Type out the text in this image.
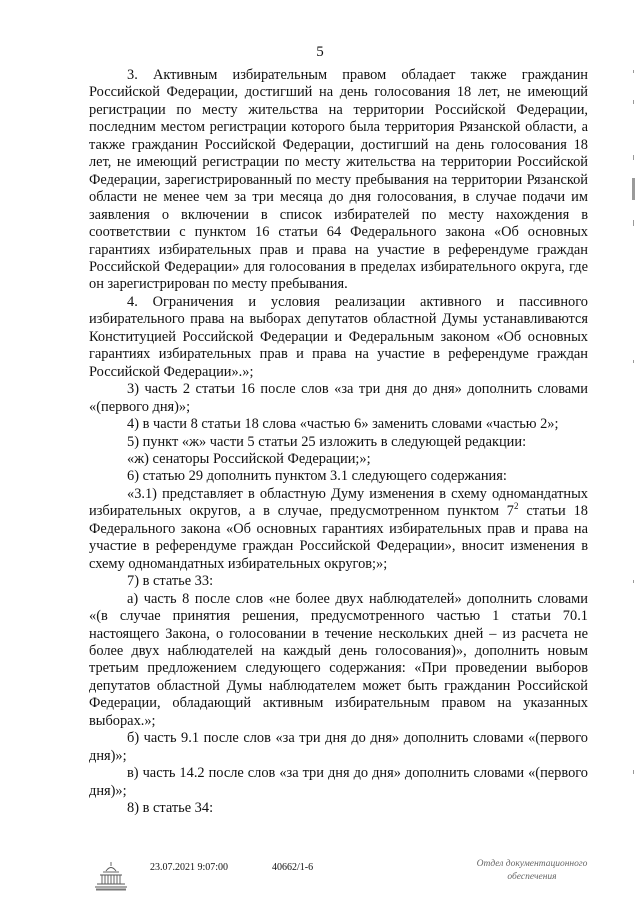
5

3. Активным избирательным правом обладает также гражданин Российской Федерации, достигший на день голосования 18 лет, не имеющий регистрации по месту жительства на территории Российской Федерации, последним местом регистрации которого была территория Рязанской области, а также гражданин Российской Федерации, достигший на день голосования 18 лет, не имеющий регистрации по месту жительства на территории Российской Федерации, зарегистрированный по месту пребывания на территории Рязанской области не менее чем за три месяца до дня голосования, в случае подачи им заявления о включении в список избирателей по месту нахождения в соответствии с пунктом 16 статьи 64 Федерального закона «Об основных гарантиях избирательных прав и права на участие в референдуме граждан Российской Федерации» для голосования в пределах избирательного округа, где он зарегистрирован по месту пребывания.

4. Ограничения и условия реализации активного и пассивного избирательного права на выборах депутатов областной Думы устанавливаются Конституцией Российской Федерации и Федеральным законом «Об основных гарантиях избирательных прав и права на участие в референдуме граждан Российской Федерации».»;

3) часть 2 статьи 16 после слов «за три дня до дня» дополнить словами «(первого дня)»;

4) в части 8 статьи 18 слова «частью 6» заменить словами «частью 2»;

5) пункт «ж» части 5 статьи 25 изложить в следующей редакции:

«ж) сенаторы Российской Федерации;»;

6) статью 29 дополнить пунктом 3.1 следующего содержания:

«3.1) представляет в областную Думу изменения в схему одномандатных избирательных округов, а в случае, предусмотренном пунктом $7^2$ статьи 18 Федерального закона «Об основных гарантиях избирательных прав и права на участие в референдуме граждан Российской Федерации», вносит изменения в схему одномандатных избирательных округов;»;

7) в статье 33:

а) часть 8 после слов «не более двух наблюдателей» дополнить словами «(в случае принятия решения, предусмотренного частью 1 статьи 70.1 настоящего Закона, о голосовании в течение нескольких дней – из расчета не более двух наблюдателей на каждый день голосования)», дополнить новым третьим предложением следующего содержания: «При проведении выборов депутатов областной Думы наблюдателем может быть гражданин Российской Федерации, обладающий активным избирательным правом на указанных выборах.»;

б) часть 9.1 после слов «за три дня до дня» дополнить словами «(первого дня)»;

в) часть 14.2 после слов «за три дня до дня» дополнить словами «(первого дня)»;

8) в статье 34:

23.07.2021 9:07:00	40662/1-6	Отдел документационного
обеспечения
